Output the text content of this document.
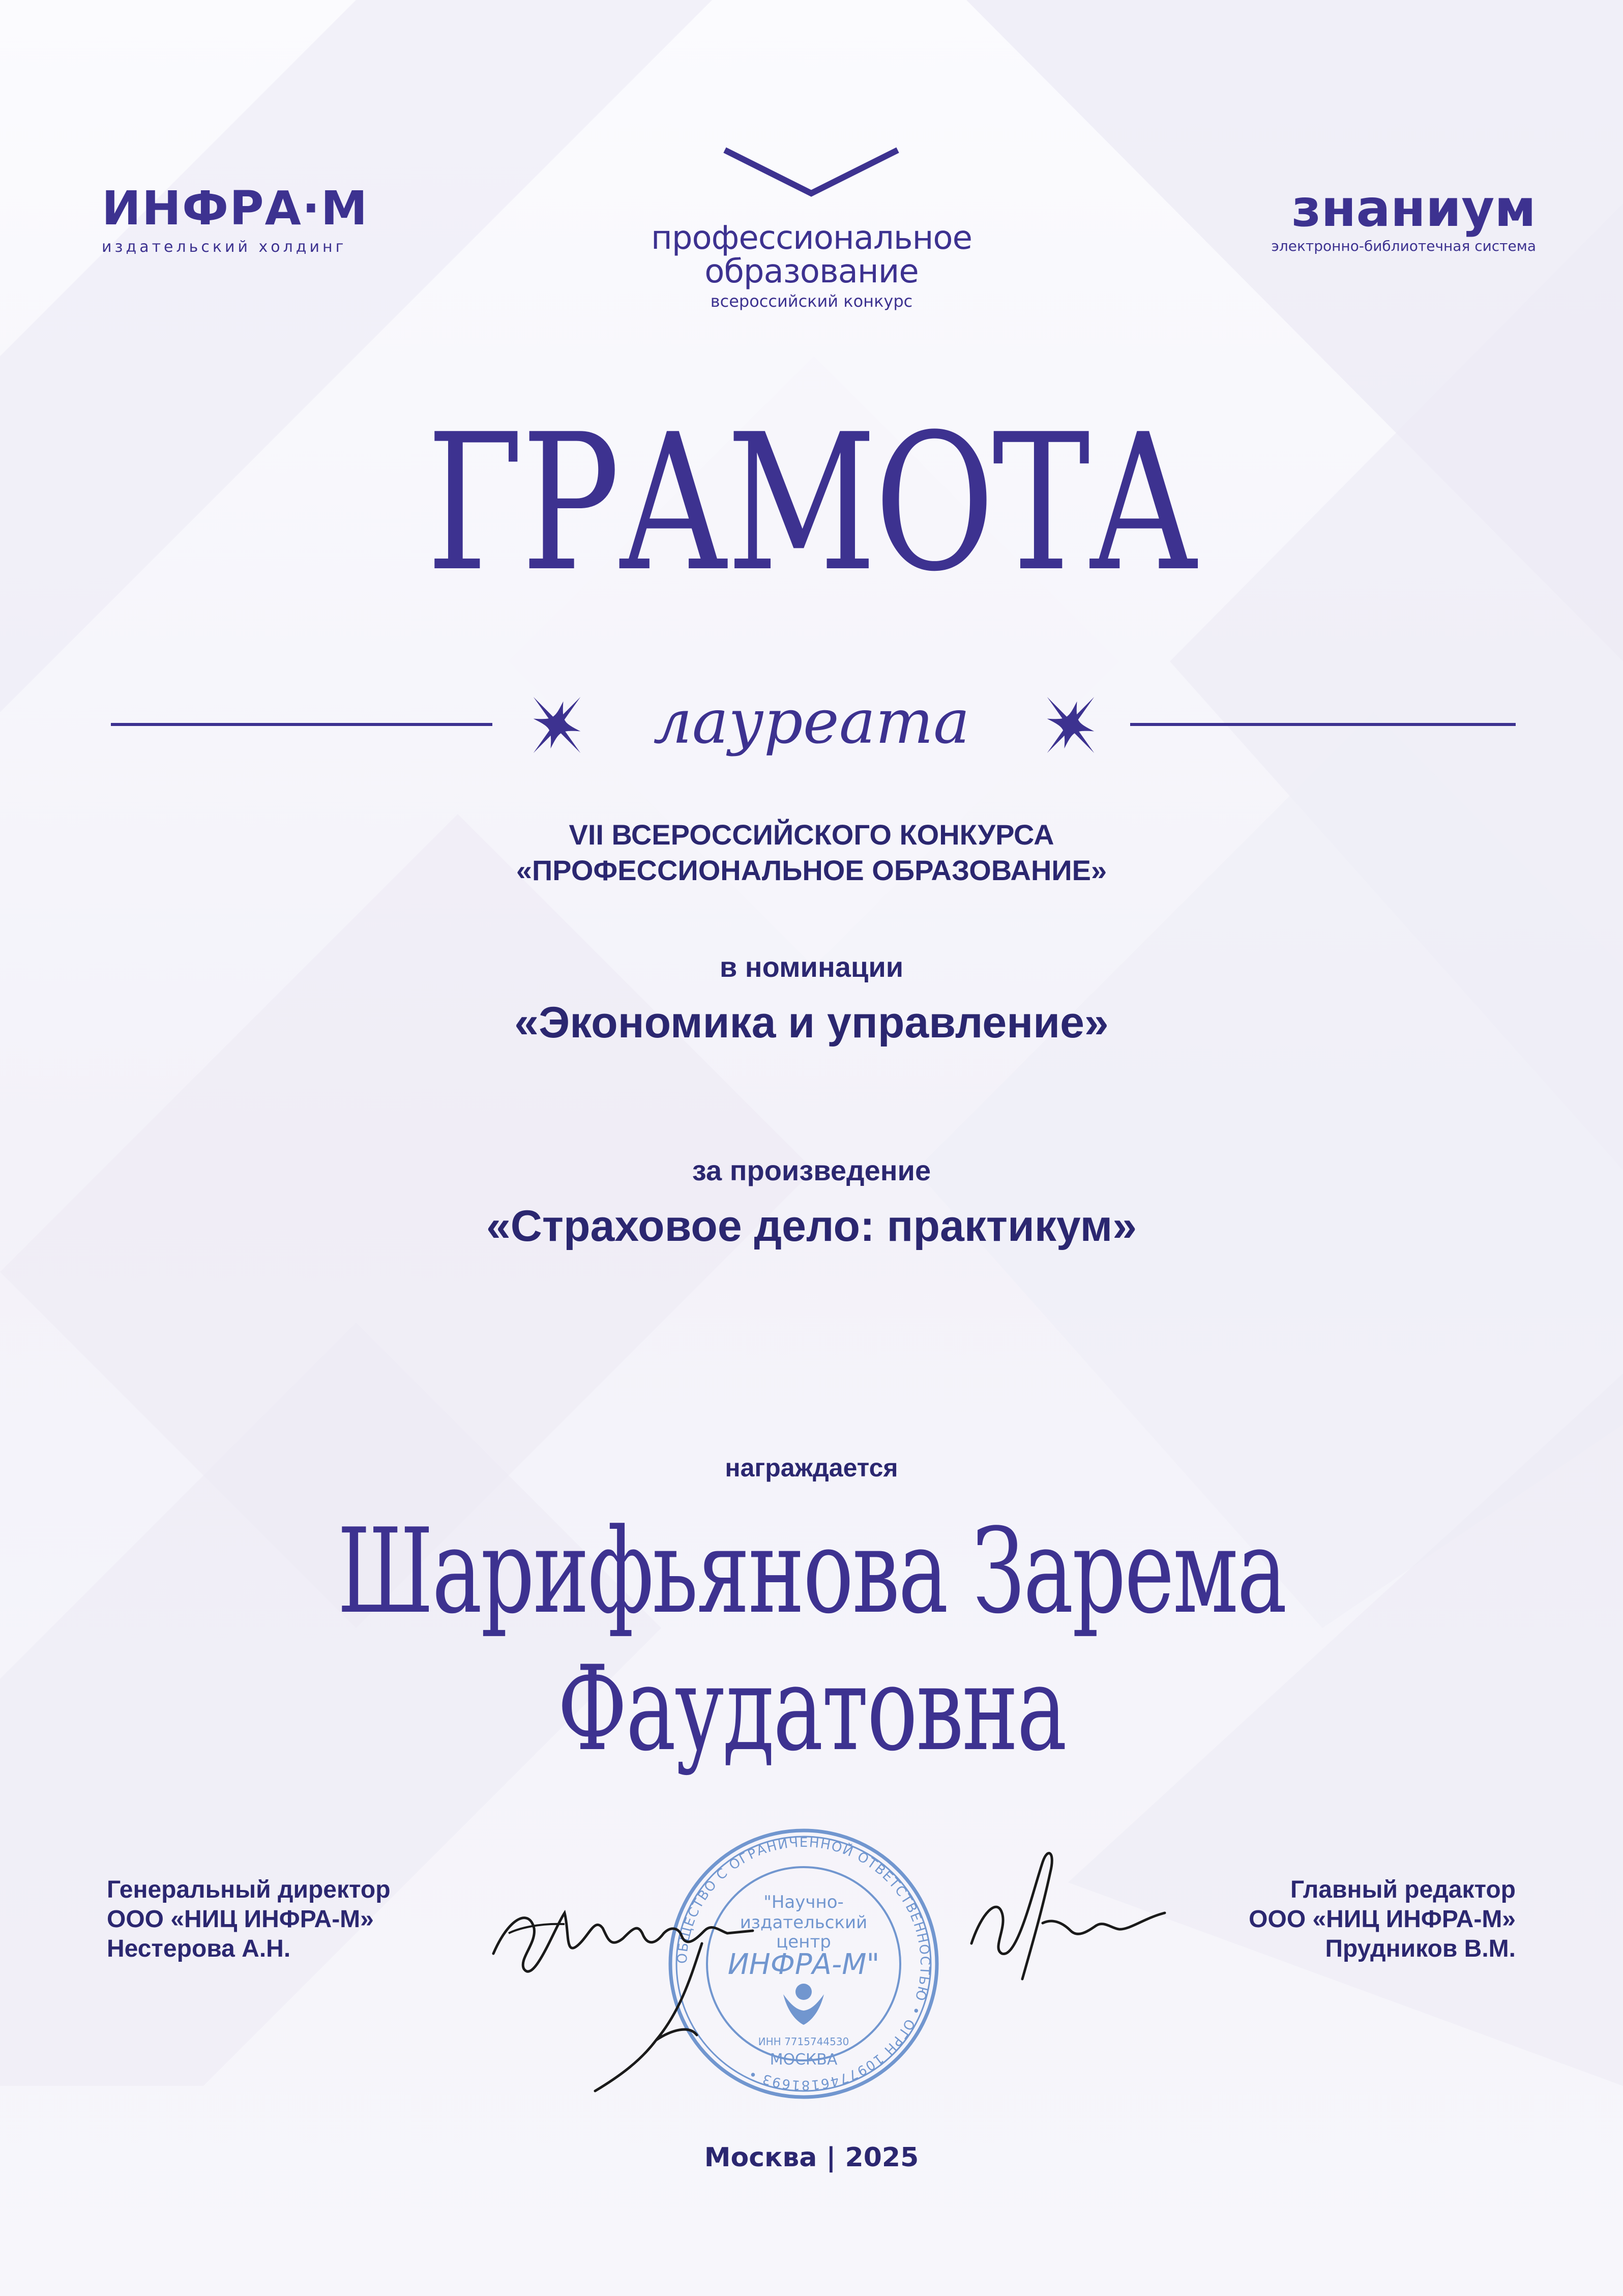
ИНФРА·М
издательский холдинг	профессиональное
образование
всероссийский конкурс
знаниум
электронно-библиотечная система
ГРАМОТА
лауреата
VII ВСЕРОССИЙСКОГО КОНКУРСА
«ПРОФЕССИОНАЛЬНОЕ ОБРАЗОВАНИЕ»
в номинации
«Экономика и управление»
за произведение
«Страховое дело: практикум»
награждается
Шарифьянова Зарема
Фаудатовна
Генеральный директор
ООО «НИЦ ИНФРА-М»
Нестерова А.Н.
Главный редактор
ООО «НИЦ ИНФРА-М»
Прудников В.М.
ОБЩЕСТВО С ОГРАНИЧЕННОЙ ОТВЕТСТВЕННОСТЬЮ • ОГРН 1097746181693 •
"Научно-
издательский
центр
ИНФРА-М"
ИНН 7715744530
МОСКВА
Москва | 2025
